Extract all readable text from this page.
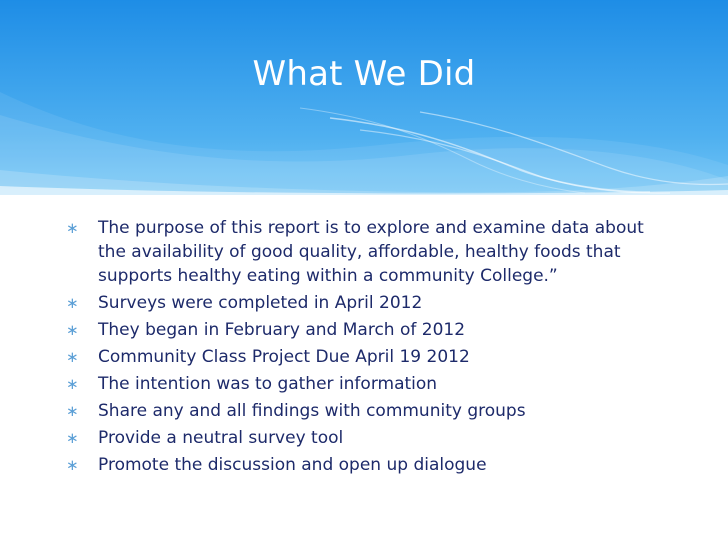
What We Did
∗ The purpose of this report is to explore and examine data about the availability of good quality, affordable, healthy foods that supports healthy eating within a community College.”
∗ Surveys were completed in April 2012
∗ They began in February and March of 2012
∗ Community Class Project Due April 19 2012
∗ The intention was to gather information
∗ Share any and all findings with community groups
∗ Provide a neutral survey tool
∗ Promote the discussion and open up dialogue
